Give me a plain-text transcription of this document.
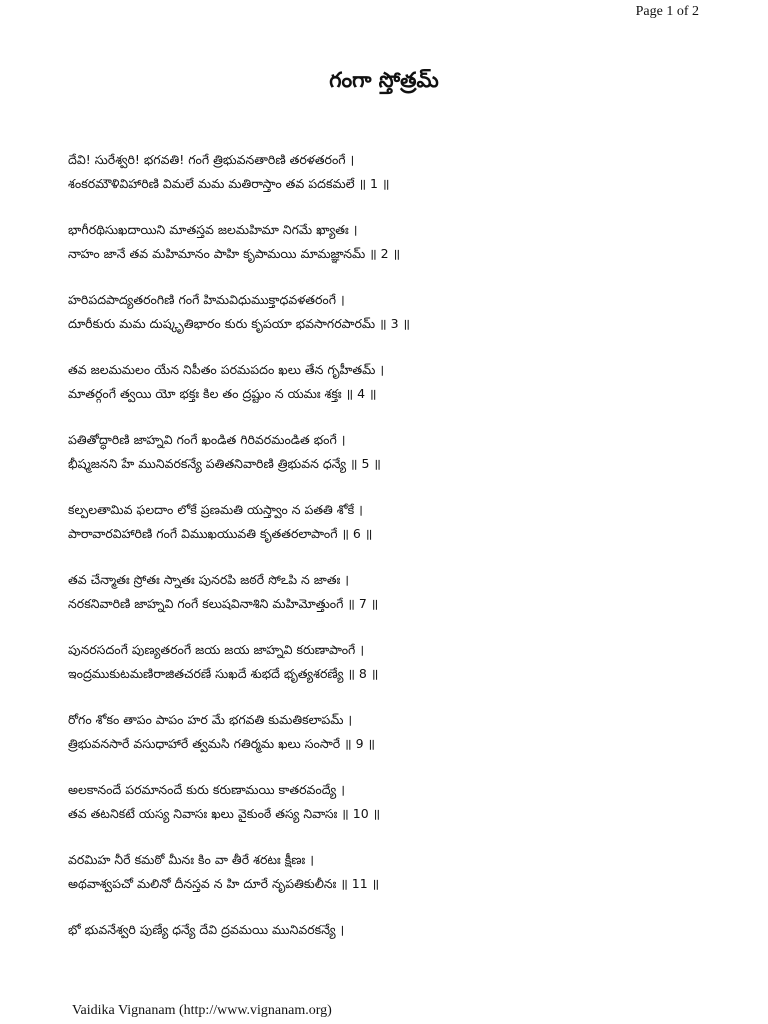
Page 1 of 2
గంగా స్తోత్రమ్
దేవి! సురేశ్వరి! భగవతి! గంగే త్రిభువనతారిణి తరళతరంగే ।
శంకరమౌళివిహారిణి విమలే మమ మతిరాస్తాం తవ పదకమలే ॥ 1 ॥
భాగీరథిసుఖదాయిని మాతస్తవ జలమహిమా నిగమే ఖ్యాతః ।
నాహం జానే తవ మహిమానం పాహి కృపామయి మామజ్ఞానమ్ ॥ 2 ॥
హరిపదపాద్యతరంగిణి గంగే హిమవిధుముక్తాధవళతరంగే ।
దూరీకురు మమ దుష్కృతిభారం కురు కృపయా భవసాగరపారమ్ ॥ 3 ॥
తవ జలమమలం యేన నిపీతం పరమపదం ఖలు తేన గృహీతమ్ ।
మాతర్గంగే త్వయి యో భక్తః కిల తం ద్రష్టుం న యమః శక్తః ॥ 4 ॥
పతితోద్ధారిణి జాహ్నవి గంగే ఖండిత గిరివరమండిత భంగే ।
భీష్మజనని హే మునివరకన్యే పతితనివారిణి త్రిభువన ధన్యే ॥ 5 ॥
కల్పలతామివ ఫలదాం లోకే ప్రణమతి యస్త్వాం న పతతి శోకే ।
పారావారవిహారిణి గంగే విముఖయువతి కృతతరలాపాంగే ॥ 6 ॥
తవ చేన్మాతః స్రోతః స్నాతః పునరపి జఠరే సోఽపి న జాతః ।
నరకనివారిణి జాహ్నవి గంగే కలుషవినాశిని మహిమోత్తుంగే ॥ 7 ॥
పునరసదంగే పుణ్యతరంగే జయ జయ జాహ్నవి కరుణాపాంగే ।
ఇంద్రముకుటమణిరాజితచరణే సుఖదే శుభదే భృత్యశరణ్యే ॥ 8 ॥
రోగం శోకం తాపం పాపం హర మే భగవతి కుమతికలాపమ్ ।
త్రిభువనసారే వసుధాహారే త్వమసి గతిర్మమ ఖలు సంసారే ॥ 9 ॥
అలకానందే పరమానందే కురు కరుణామయి కాతరవంద్యే ।
తవ తటనికటే యస్య నివాసః ఖలు వైకుంఠే తస్య నివాసః ॥ 10 ॥
వరమిహ నీరే కమఠో మీనః కిం వా తీరే శరటః క్షీణః ।
అథవాశ్వపచో మలినో దీనస్తవ న హి దూరే నృపతికులీనః ॥ 11 ॥
భో భువనేశ్వరి పుణ్యే ధన్యే దేవి ద్రవమయి మునివరకన్యే ।
Vaidika Vignanam (http://www.vignanam.org)
